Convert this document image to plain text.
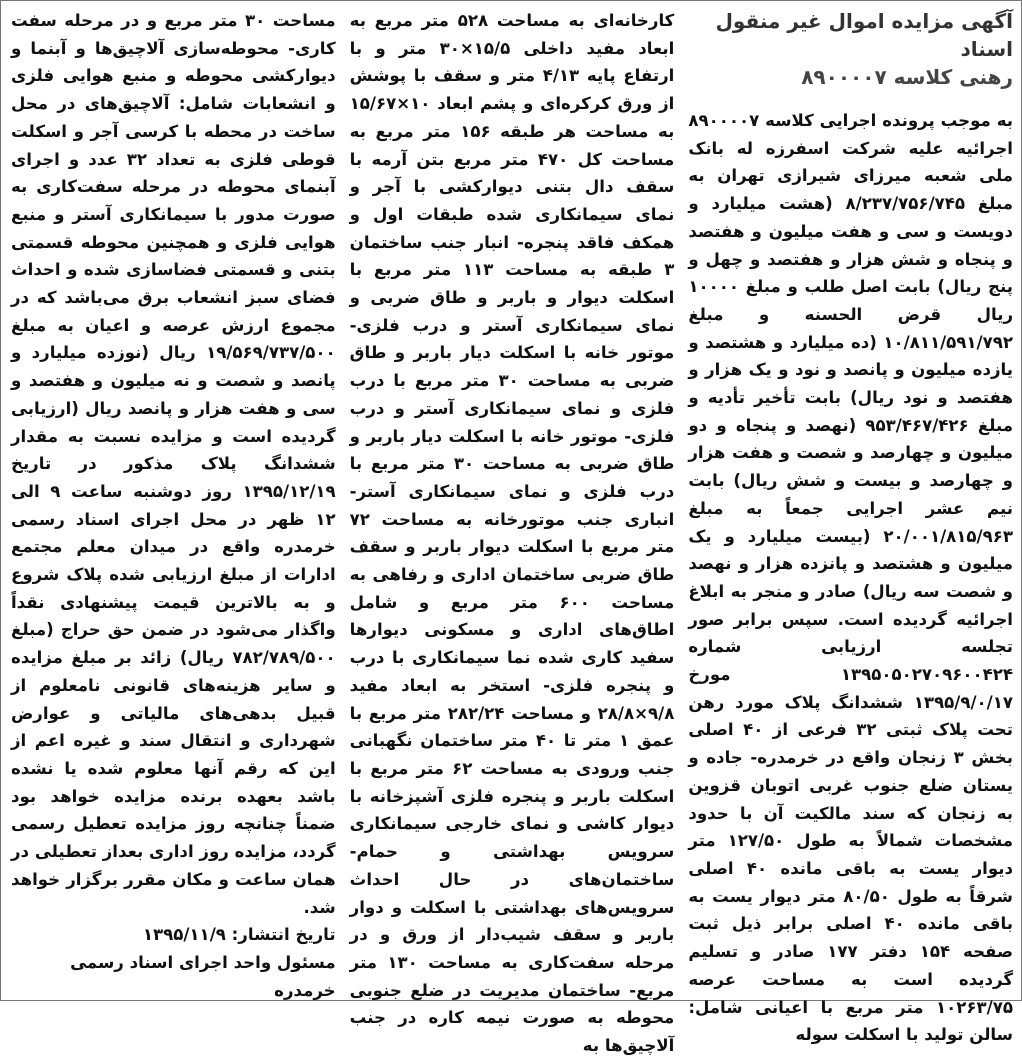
آگهی مزایده اموال غیر منقول اسناد
رهنی کلاسه ۸۹۰۰۰۰۷

به موجب پرونده اجرایی کلاسه ۸۹۰۰۰۰۷ اجرائیه علیه شرکت اسفرزه له بانک ملی شعبه میرزای شیرازی تهران به مبلغ ۸/۲۳۷/۷۵۶/۷۴۵ (هشت میلیارد و دویست و سی و هفت میلیون و هفتصد و پنجاه و شش هزار و هفتصد و چهل و پنج ریال) بابت اصل طلب و مبلغ ۱۰۰۰۰ ریال قرض الحسنه و مبلغ ۱۰/۸۱۱/۵۹۱/۷۹۲ (ده میلیارد و هشتصد و یازده میلیون و پانصد و نود و یک هزار و هفتصد و نود ریال) بابت تأخیر تأدیه و مبلغ ۹۵۳/۴۶۷/۴۲۶ (نهصد و پنجاه و دو میلیون و چهارصد و شصت و هفت هزار و چهارصد و بیست و شش ریال) بابت نیم عشر اجرایی جمعاً به مبلغ ۲۰/۰۰۱/۸۱۵/۹۶۳ (بیست میلیارد و یک میلیون و هشتصد و پانزده هزار و نهصد و شصت سه ریال) صادر و منجر به ابلاغ اجرائیه گردیده است. سپس برابر صور تجلسه ارزیابی شماره ۱۳۹۵۰۵۰۲۷۰۹۶۰۰۴۲۴ مورخ ۱۳۹۵/۹/۰/۱۷ ششدانگ پلاک مورد رهن تحت پلاک ثبتی ۳۲ فرعی از ۴۰ اصلی بخش ۳ زنجان واقع در خرمدره- جاده و یستان ضلع جنوب غربی اتوبان قزوین به زنجان که سند مالکیت آن با حدود مشخصات شمالاً به طول ۱۲۷/۵۰ متر دیوار یست به باقی مانده ۴۰ اصلی شرقاً به طول ۸۰/۵۰ متر دیوار یست به باقی مانده ۴۰ اصلی برابر ذیل ثبت صفحه ۱۵۴ دفتر ۱۷۷ صادر و تسلیم گردیده است به مساحت عرصه ۱۰۲۶۳/۷۵ متر مربع با اعیانی شامل: سالن تولید با اسکلت سوله

کارخانه‌ای به مساحت ۵۲۸ متر مربع به ابعاد مفید داخلی ۱۵/۵×۳۰ متر و با ارتفاع پایه ۴/۱۳ متر و سقف با پوشش از ورق کرکره‌ای و پشم ابعاد ۱۰×۱۵/۶۷ به مساحت هر طبقه ۱۵۶ متر مربع به مساحت کل ۴۷۰ متر مربع بتن آرمه با سقف دال بتنی دیوارکشی با آجر و نمای سیمانکاری شده طبقات اول و همکف فاقد پنجره- انبار جنب ساختمان ۳ طبقه به مساحت ۱۱۳ متر مربع با اسکلت دیوار و باربر و طاق ضربی و نمای سیمانکاری آستر و درب فلزی- موتور خانه با اسکلت دیار باربر و طاق ضربی به مساحت ۳۰ متر مربع با درب فلزی و نمای سیمانکاری آستر و درب فلزی- موتور خانه با اسکلت دیار باربر و طاق ضربی به مساحت ۳۰ متر مربع با درب فلزی و نمای سیمانکاری آستر- انباری جنب موتورخانه به مساحت ۷۲ متر مربع با اسکلت دیوار باربر و سقف طاق ضربی ساختمان اداری و رفاهی به مساحت ۶۰۰ متر مربع و شامل اطاق‌های اداری و مسکونی دیوارها سفید کاری شده نما سیمانکاری با درب و پنجره فلزی- استخر به ابعاد مفید ۹/۸×۲۸/۸ و مساحت ۲۸۲/۲۴ متر مربع با عمق ۱ متر تا ۴۰ متر ساختمان نگهبانی جنب ورودی به مساحت ۶۲ متر مربع با اسکلت باربر و پنجره فلزی آشپزخانه با دیوار کاشی و نمای خارجی سیمانکاری سرویس بهداشتی و حمام- ساختمان‌های در حال احداث سرویس‌های بهداشتی با اسکلت و دوار باربر و سقف شیب‌دار از ورق و در مرحله سفت‌کاری به مساحت ۱۳۰ متر مربع- ساختمان مدیریت در ضلع جنوبی محوطه به صورت نیمه کاره در جنب آلاچیق‌ها به

مساحت ۳۰ متر مربع و در مرحله سفت کاری- محوطه‌سازی آلاچیق‌ها و آبنما و دیوارکشی محوطه و منبع هوایی فلزی و انشعابات شامل: آلاچیق‌های در محل ساخت در محطه با کرسی آجر و اسکلت قوطی فلزی به تعداد ۳۲ عدد و اجرای آبنمای محوطه در مرحله سفت‌کاری به صورت مدور با سیمانکاری آستر و منبع هوایی فلزی و همچنین محوطه قسمتی بتنی و قسمتی فضاسازی شده و احداث فضای سبز انشعاب برق می‌باشد که در مجموع ارزش عرصه و اعیان به مبلغ ۱۹/۵۶۹/۷۳۷/۵۰۰ ریال (نوزده میلیارد و پانصد و شصت و نه میلیون و هفتصد و سی و هفت هزار و پانصد ریال (ارزیابی گردیده است و مزایده نسبت به مقدار ششدانگ پلاک مذکور در تاریخ ۱۳۹۵/۱۲/۱۹ روز دوشنبه ساعت ۹ الی ۱۲ ظهر در محل اجرای اسناد رسمی خرمدره واقع در میدان معلم مجتمع ادارات از مبلغ ارزیابی شده پلاک شروع و به بالاترین قیمت پیشنهادی نقداً واگذار می‌شود در ضمن حق حراج (مبلغ ۷۸۲/۷۸۹/۵۰۰ ریال) زائد بر مبلغ مزایده و سایر هزینه‌های قانونی نامعلوم از قبیل بدهی‌های مالیاتی و عوارض شهرداری و انتقال سند و غیره اعم از این که رقم آنها معلوم شده یا نشده باشد بعهده برنده مزایده خواهد بود ضمناً چنانچه روز مزایده تعطیل رسمی گردد، مزایده روز اداری بعداز تعطیلی در همان ساعت و مکان مقرر برگزار خواهد شد.

تاریخ انتشار: ۱۳۹۵/۱۱/۹

مسئول واحد اجرای اسناد رسمی خرمدره
